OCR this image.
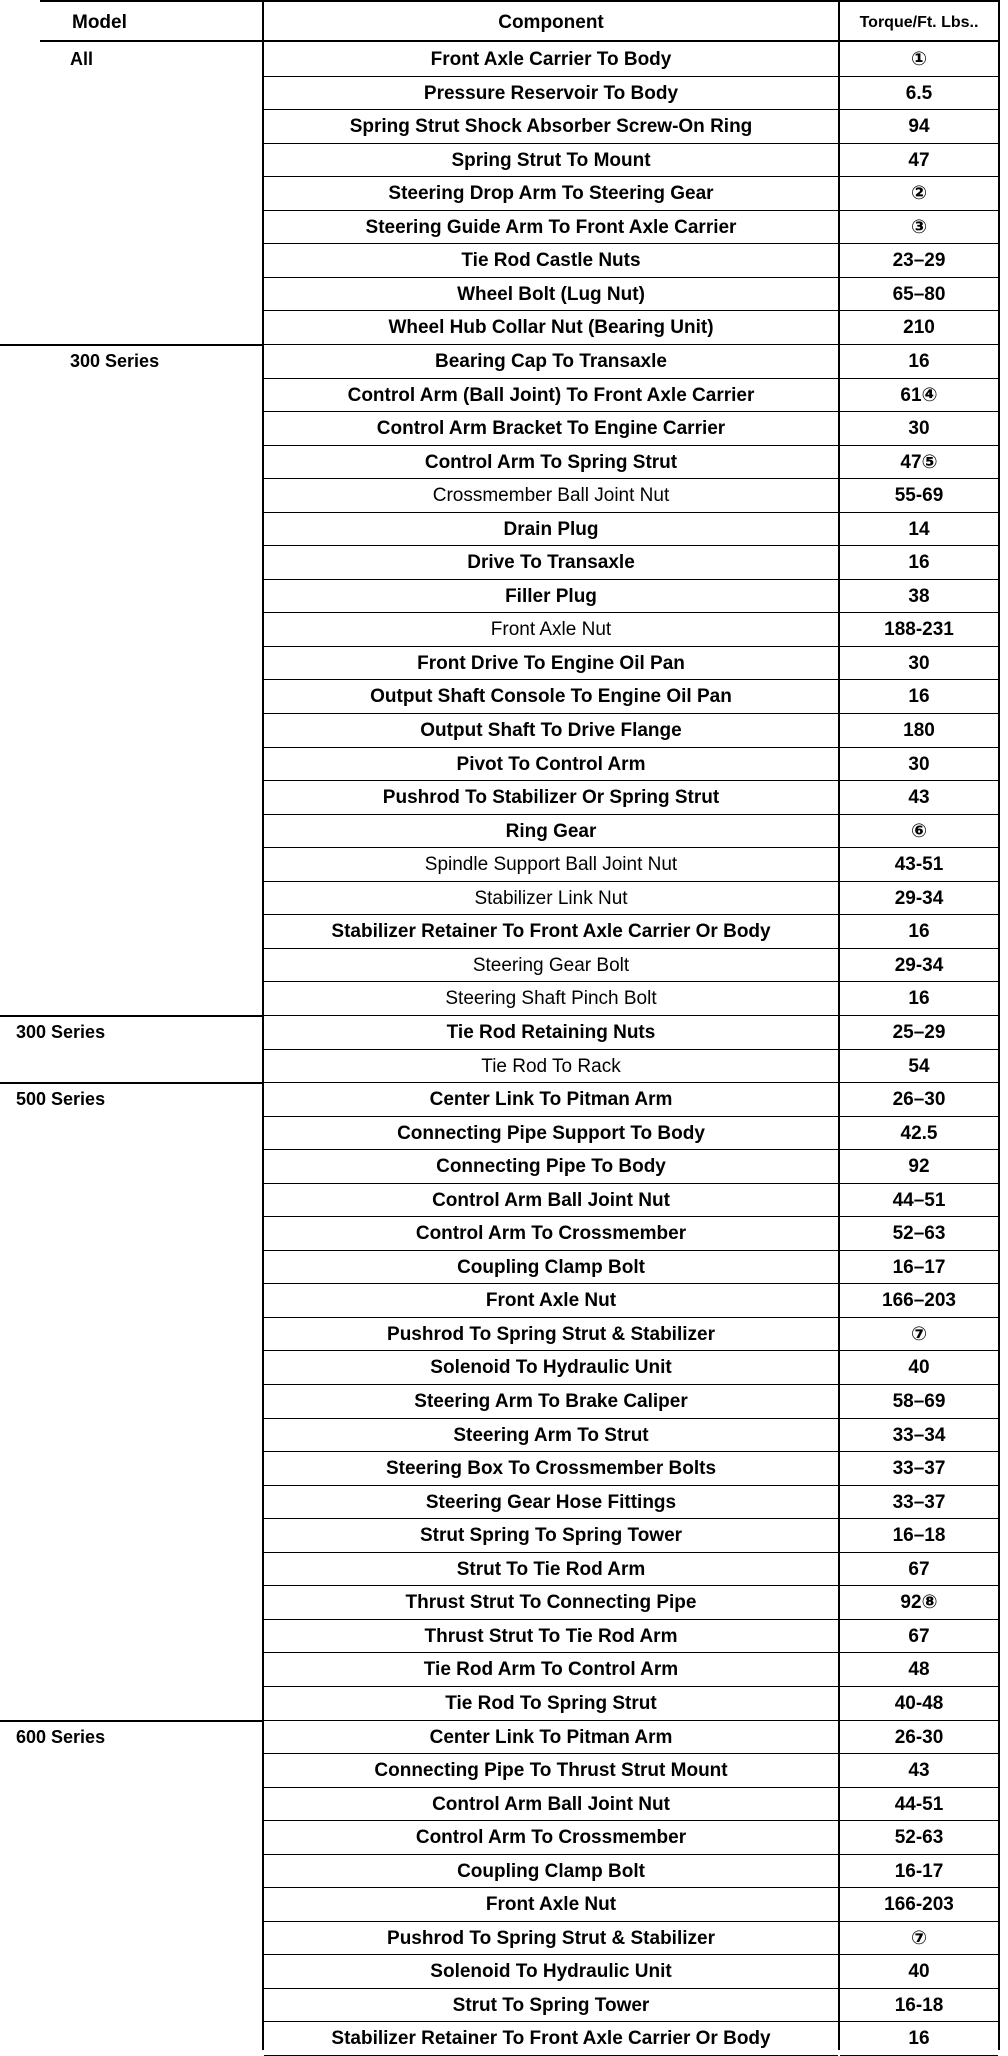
Model	Component	Torque/Ft. Lbs..
All	Front Axle Carrier To Body	①
Pressure Reservoir To Body	6.5
Spring Strut Shock Absorber Screw-On Ring	94
Spring Strut To Mount	47
Steering Drop Arm To Steering Gear	②
Steering Guide Arm To Front Axle Carrier	③
Tie Rod Castle Nuts	23–29
Wheel Bolt (Lug Nut)	65–80
Wheel Hub Collar Nut (Bearing Unit)	210
300 Series	Bearing Cap To Transaxle	16
Control Arm (Ball Joint) To Front Axle Carrier	61④
Control Arm Bracket To Engine Carrier	30
Control Arm To Spring Strut	47⑤
Crossmember Ball Joint Nut	55-69
Drain Plug	14
Drive To Transaxle	16
Filler Plug	38
Front Axle Nut	188-231
Front Drive To Engine Oil Pan	30
Output Shaft Console To Engine Oil Pan	16
Output Shaft To Drive Flange	180
Pivot To Control Arm	30
Pushrod To Stabilizer Or Spring Strut	43
Ring Gear	⑥
Spindle Support Ball Joint Nut	43-51
Stabilizer Link Nut	29-34
Stabilizer Retainer To Front Axle Carrier Or Body	16
Steering Gear Bolt	29-34
Steering Shaft Pinch Bolt	16
300 Series	Tie Rod Retaining Nuts	25–29
Tie Rod To Rack	54
500 Series	Center Link To Pitman Arm	26–30
Connecting Pipe Support To Body	42.5
Connecting Pipe To Body	92
Control Arm Ball Joint Nut	44–51
Control Arm To Crossmember	52–63
Coupling Clamp Bolt	16–17
Front Axle Nut	166–203
Pushrod To Spring Strut & Stabilizer	⑦
Solenoid To Hydraulic Unit	40
Steering Arm To Brake Caliper	58–69
Steering Arm To Strut	33–34
Steering Box To Crossmember Bolts	33–37
Steering Gear Hose Fittings	33–37
Strut Spring To Spring Tower	16–18
Strut To Tie Rod Arm	67
Thrust Strut To Connecting Pipe	92⑧
Thrust Strut To Tie Rod Arm	67
Tie Rod Arm To Control Arm	48
Tie Rod To Spring Strut	40-48
600 Series	Center Link To Pitman Arm	26-30
Connecting Pipe To Thrust Strut Mount	43
Control Arm Ball Joint Nut	44-51
Control Arm To Crossmember	52-63
Coupling Clamp Bolt	16-17
Front Axle Nut	166-203
Pushrod To Spring Strut & Stabilizer	⑦
Solenoid To Hydraulic Unit	40
Strut To Spring Tower	16-18
Stabilizer Retainer To Front Axle Carrier Or Body	16
